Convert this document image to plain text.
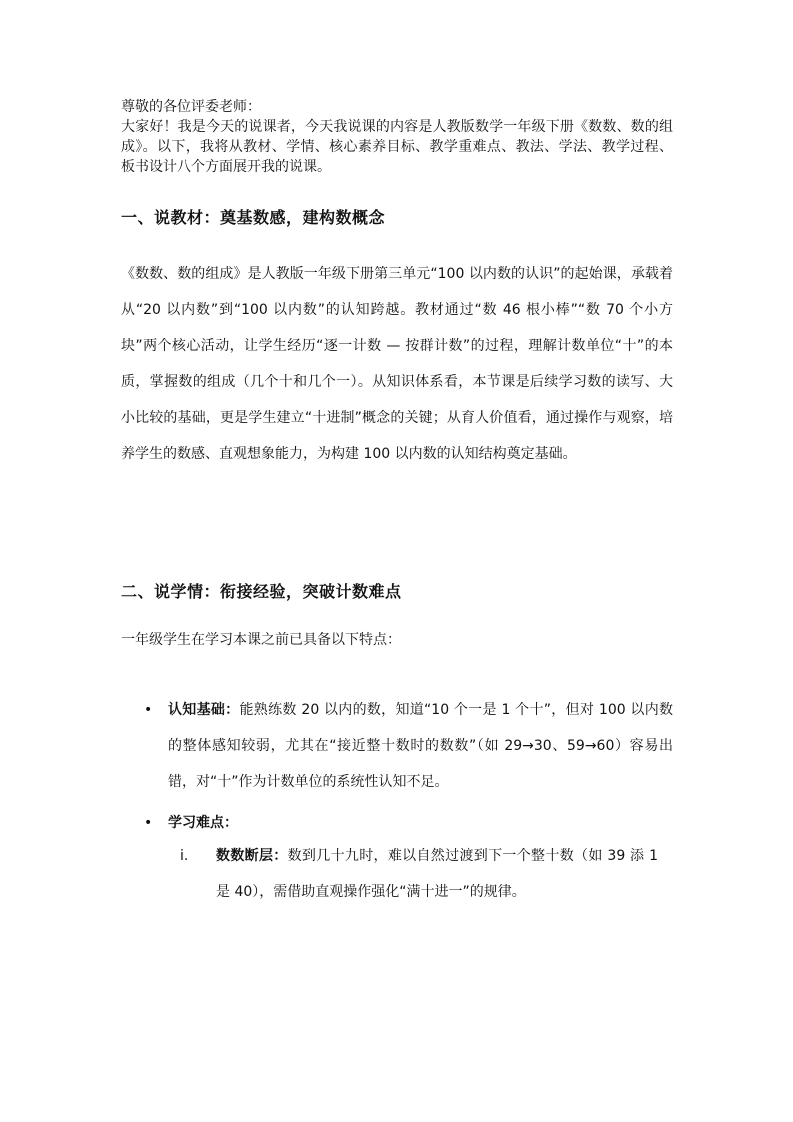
尊敬的各位评委老师：

大家好！我是今天的说课者，今天我说课的内容是人教版数学一年级下册《数数、数的组成》。以下，我将从教材、学情、核心素养目标、教学重难点、教法、学法、教学过程、板书设计八个方面展开我的说课。

一、说教材：奠基数感，建构数概念

《数数、数的组成》是人教版一年级下册第三单元“100 以内数的认识”的起始课，承载着从“20 以内数”到“100 以内数”的认知跨越。教材通过“数 46 根小棒”“数 70 个小方块”两个核心活动，让学生经历“逐一计数 — 按群计数”的过程，理解计数单位“十”的本质，掌握数的组成（几个十和几个一）。从知识体系看，本节课是后续学习数的读写、大小比较的基础，更是学生建立“十进制”概念的关键；从育人价值看，通过操作与观察，培养学生的数感、直观想象能力，为构建 100 以内数的认知结构奠定基础。

二、说学情：衔接经验，突破计数难点

一年级学生在学习本课之前已具备以下特点：

• 认知基础：能熟练数 20 以内的数，知道“10 个一是 1 个十”，但对 100 以内数的整体感知较弱，尤其在“接近整十数时的数数”（如 29→30、59→60）容易出错，对“十”作为计数单位的系统性认知不足。
• 学习难点：
i. 数数断层：数到几十九时，难以自然过渡到下一个整十数（如 39 添 1 是 40），需借助直观操作强化“满十进一”的规律。
